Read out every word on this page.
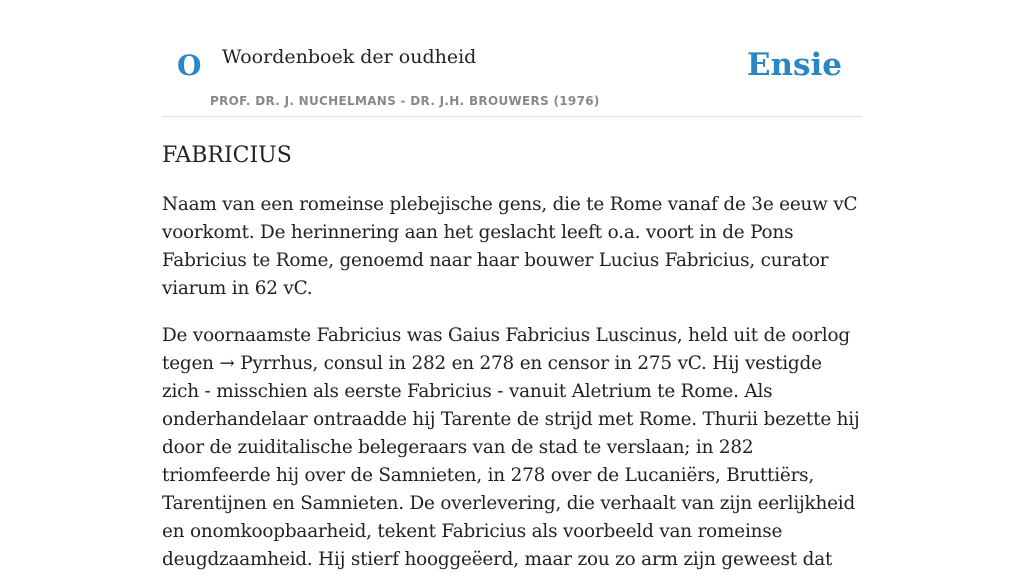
O Woordenboek der oudheid
PROF. DR. J. NUCHELMANS - DR. J.H. BROUWERS (1976)
Ensie
FABRICIUS

Naam van een romeinse plebejische gens, die te Rome vanaf de 3e eeuw vC voorkomt. De herinnering aan het geslacht leeft o.a. voort in de Pons Fabricius te Rome, genoemd naar haar bouwer Lucius Fabricius, curator viarum in 62 vC.

De voornaamste Fabricius was Gaius Fabricius Luscinus, held uit de oorlog tegen → Pyrrhus, consul in 282 en 278 en censor in 275 vC. Hij vestigde zich - misschien als eerste Fabricius - vanuit Aletrium te Rome. Als onderhandelaar ontraadde hij Tarente de strijd met Rome. Thurii bezette hij door de zuiditalische belegeraars van de stad te verslaan; in 282 triomfeerde hij over de Samnieten, in 278 over de Lucaniërs, Bruttiërs, Tarentijnen en Samnieten. De overlevering, die verhaalt van zijn eerlijkheid en onomkoopbaarheid, tekent Fabricius als voorbeeld van romeinse deugdzaamheid. Hij stierf hooggeëerd, maar zou zo arm zijn geweest dat
